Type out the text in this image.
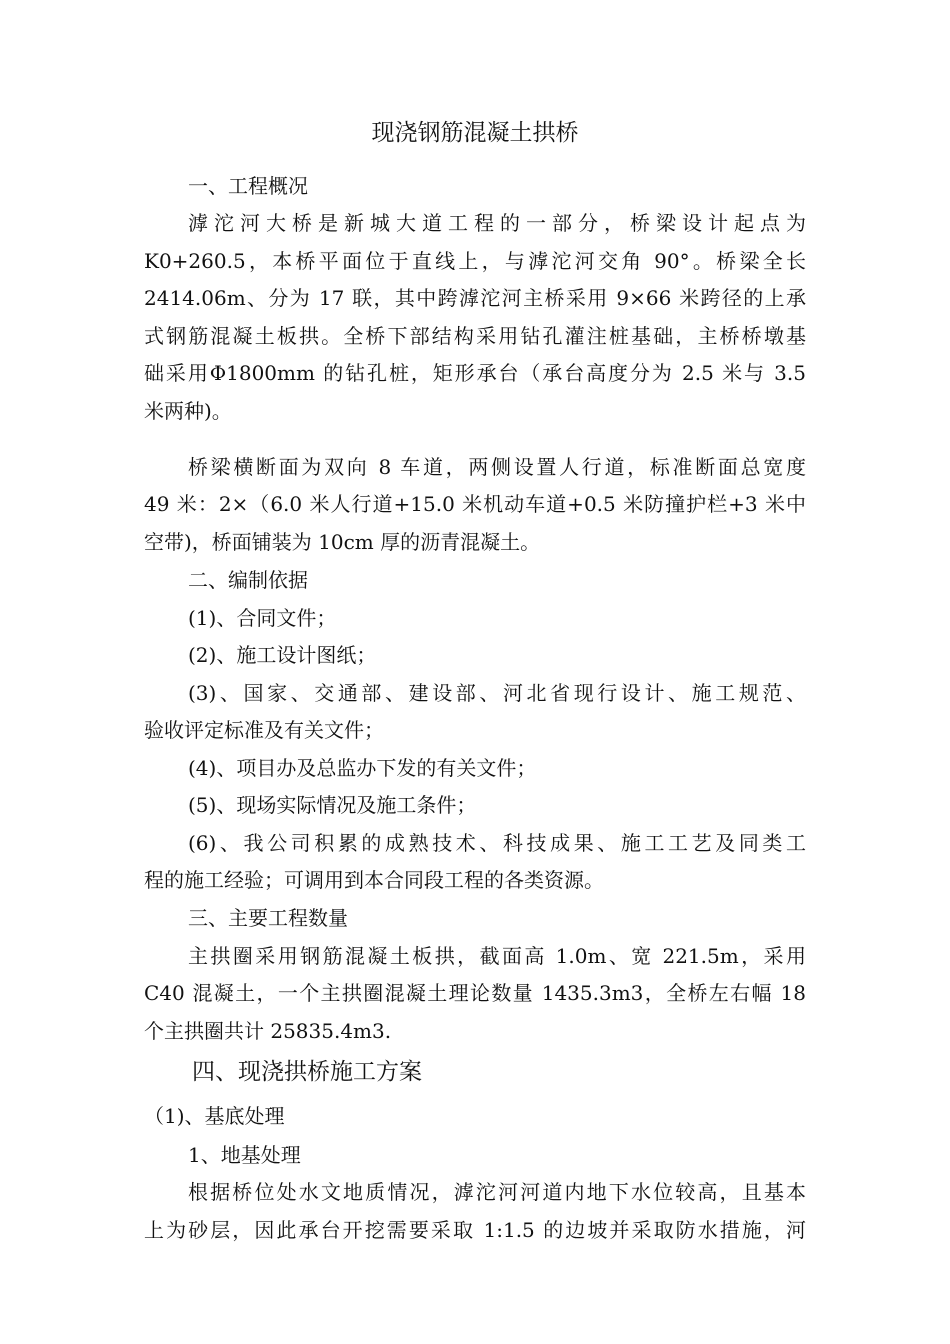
现浇钢筋混凝土拱桥
一、工程概况
滹沱河大桥是新城大道工程的一部分，桥梁设计起点为
K0+260.5，本桥平面位于直线上，与滹沱河交角 90°。桥梁全长
2414.06m、分为 17 联，其中跨滹沱河主桥采用 9×66 米跨径的上承
式钢筋混凝土板拱。全桥下部结构采用钻孔灌注桩基础，主桥桥墩基
础采用Φ1800mm 的钻孔桩，矩形承台（承台高度分为 2.5 米与 3.5
米两种)。
桥梁横断面为双向 8 车道，两侧设置人行道，标准断面总宽度
49 米：2×（6.0 米人行道+15.0 米机动车道+0.5 米防撞护栏+3 米中
空带)，桥面铺装为 10cm 厚的沥青混凝土。
二、编制依据
(1)、合同文件；
(2)、施工设计图纸；
(3)、国家、交通部、建设部、河北省现行设计、施工规范、
验收评定标准及有关文件；
(4)、项目办及总监办下发的有关文件；
(5)、现场实际情况及施工条件；
(6)、我公司积累的成熟技术、科技成果、施工工艺及同类工
程的施工经验；可调用到本合同段工程的各类资源。
三、主要工程数量
主拱圈采用钢筋混凝土板拱，截面高 1.0m、宽 221.5m，采用
C40 混凝土，一个主拱圈混凝土理论数量 1435.3m3，全桥左右幅 18
个主拱圈共计 25835.4m3.
四、现浇拱桥施工方案
（1)、基底处理
1、地基处理
根据桥位处水文地质情况，滹沱河河道内地下水位较高，且基本
上为砂层，因此承台开挖需要采取 1:1.5 的边坡并采取防水措施，河
